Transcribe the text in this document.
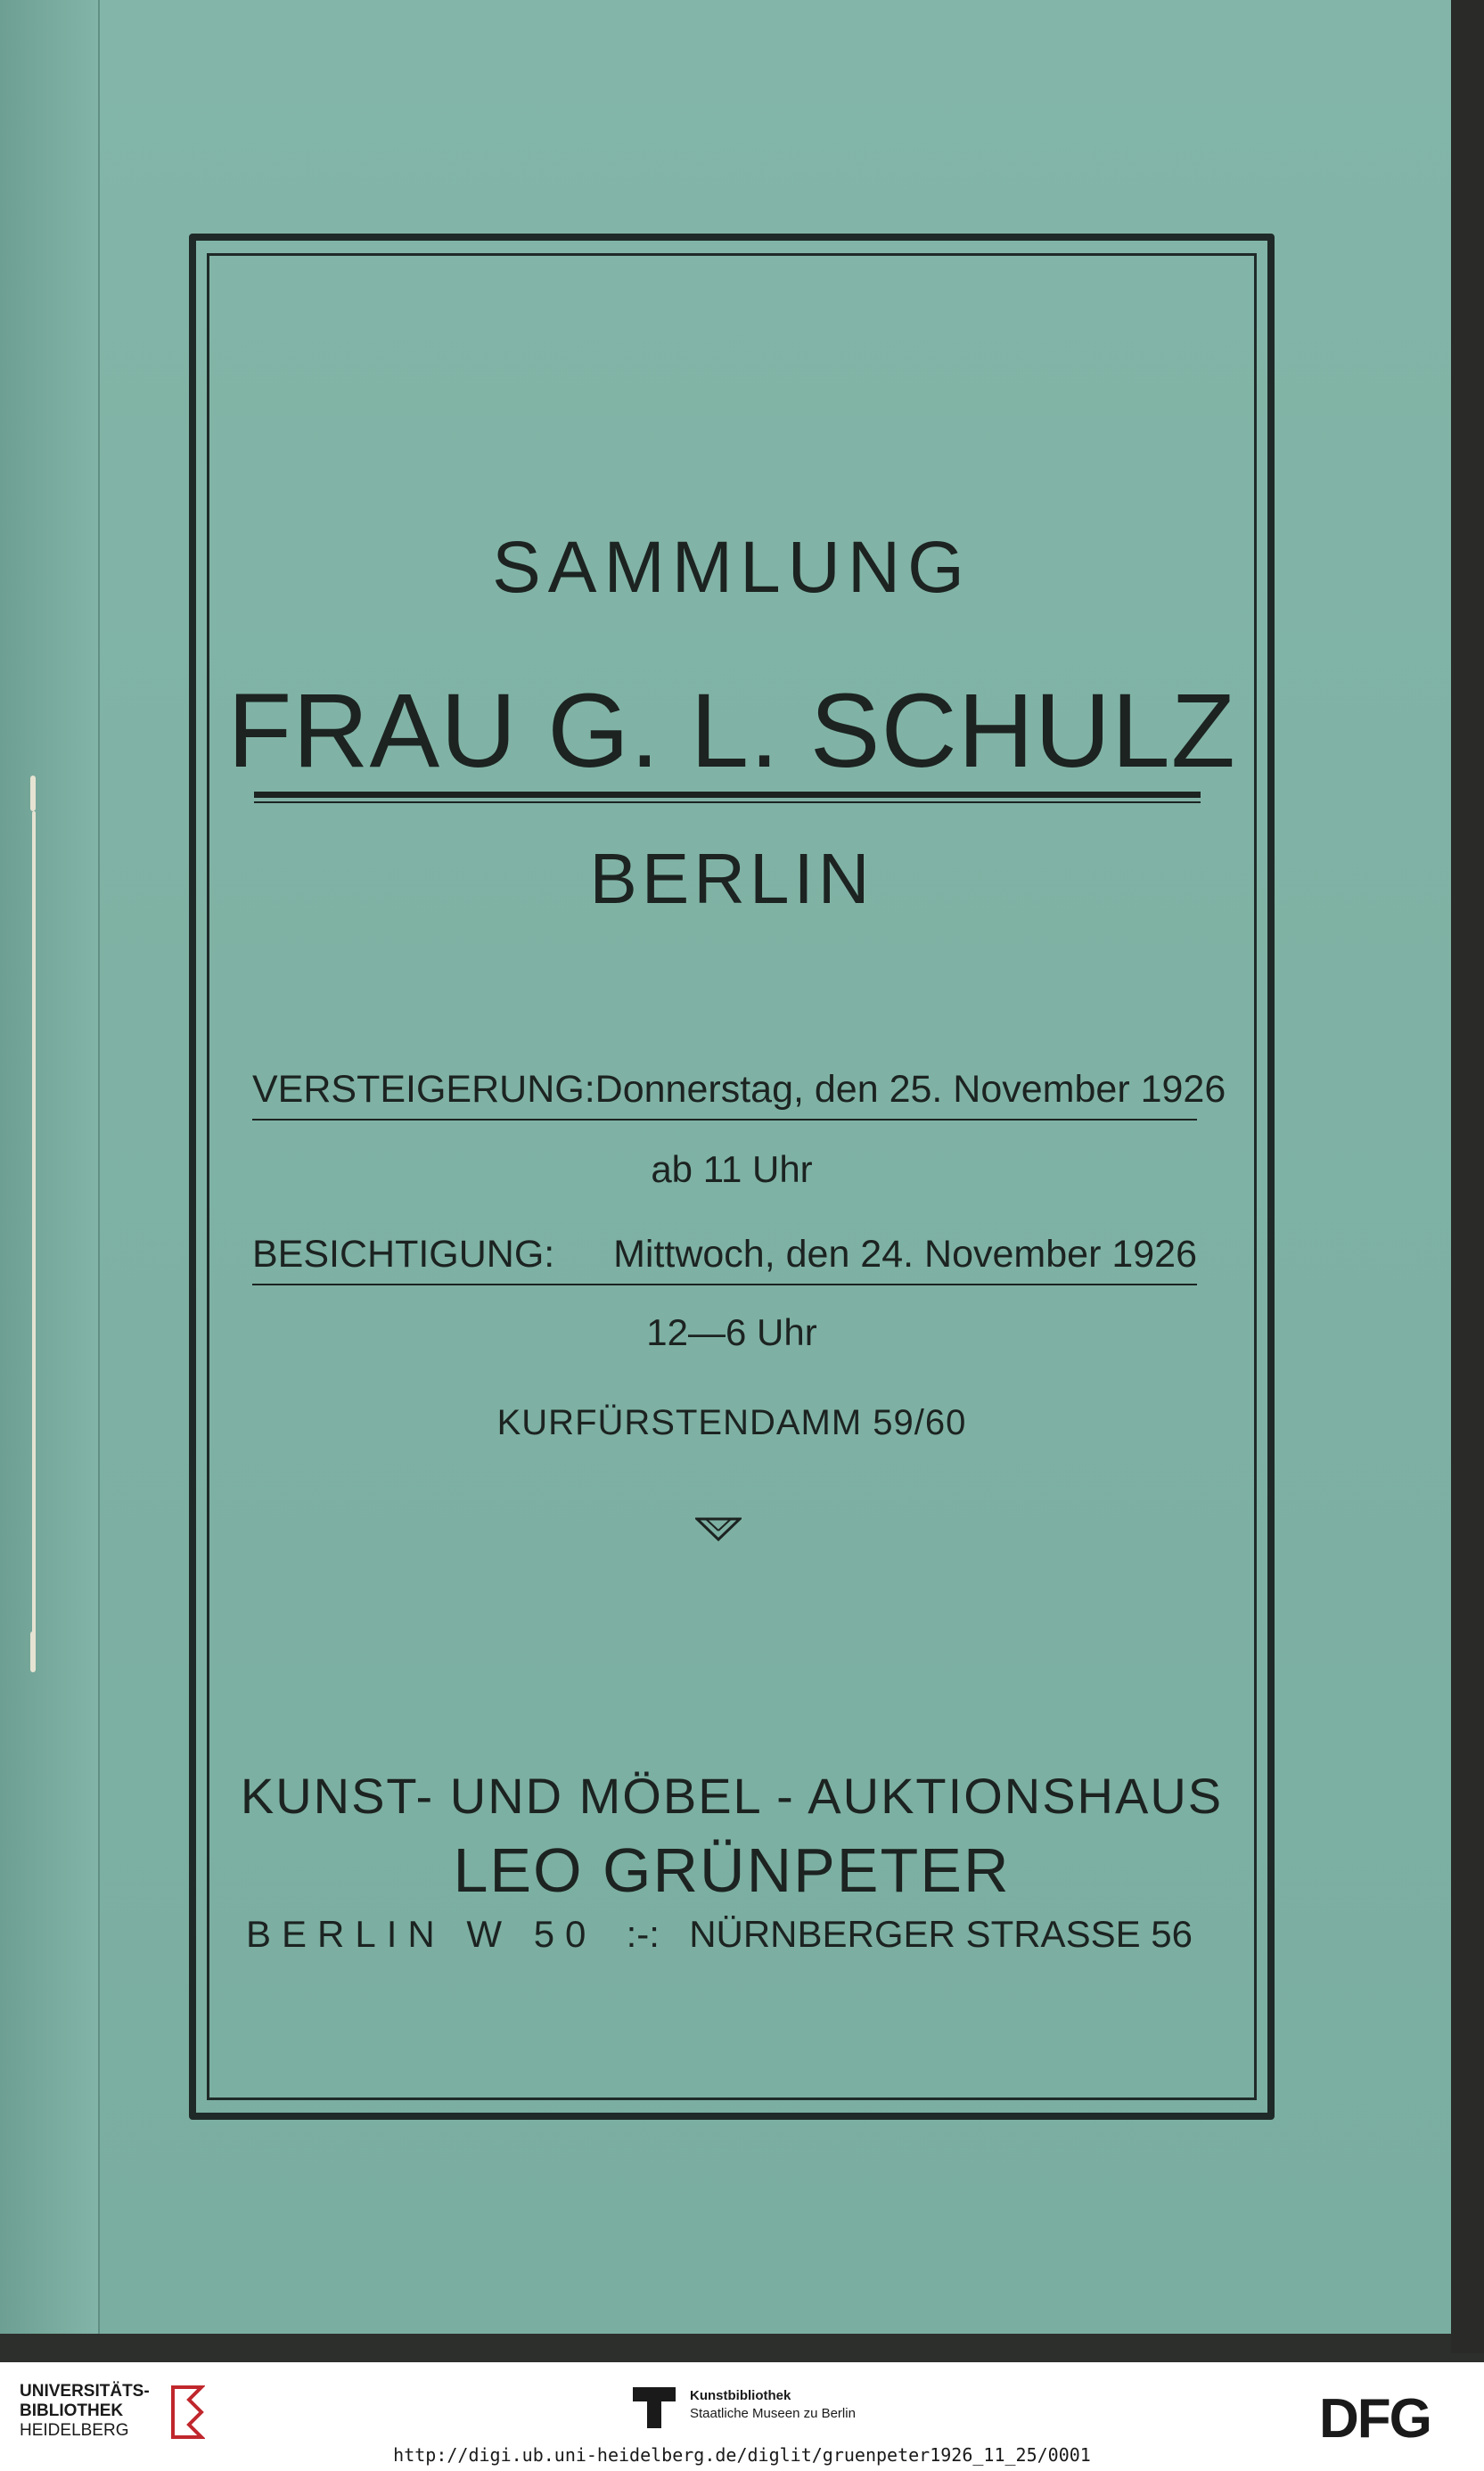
SAMMLUNG
FRAU G. L. SCHULZ
BERLIN
VERSTEIGERUNG: Donnerstag, den 25. November 1926
ab 11 Uhr
BESICHTIGUNG: Mittwoch, den 24. November 1926
12—6 Uhr
KURFÜRSTENDAMM 59/60
KUNST- UND MÖBEL - AUKTIONSHAUS
LEO GRÜNPETER
BERLIN W 50 :-: NÜRNBERGER STRASSE 56
UNIVERSITÄTS-
BIBLIOTHEK
HEIDELBERG
Kunstbibliothek
Staatliche Museen zu Berlin	DFG
http://digi.ub.uni-heidelberg.de/diglit/gruenpeter1926_11_25/0001
